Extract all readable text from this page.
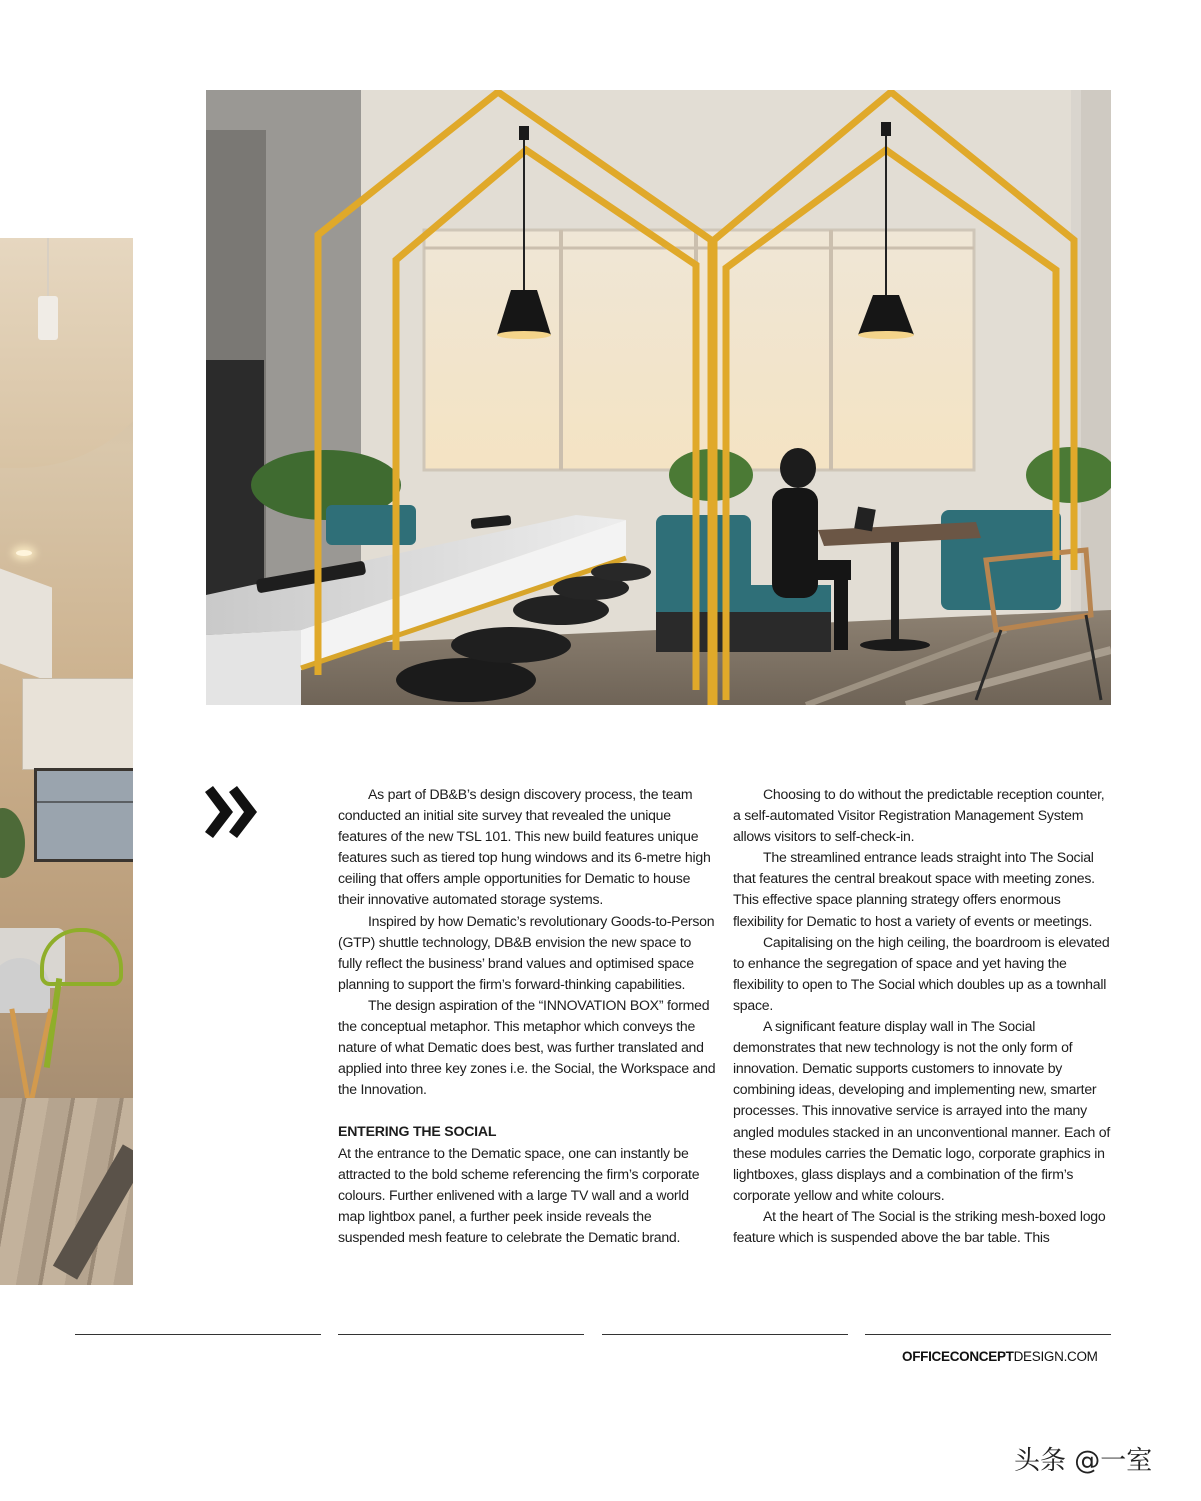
As part of DB&B’s design discovery process, the team conducted an initial site survey that revealed the unique features of the new TSL 101. This new build features unique features such as tiered top hung windows and its 6-metre high ceiling that offers ample opportunities for Dematic to house their innovative automated storage systems.

Inspired by how Dematic’s revolutionary Goods-to-Person (GTP) shuttle technology, DB&B envision the new space to fully reflect the business’ brand values and optimised space planning to support the firm’s forward-thinking capabilities.

The design aspiration of the “INNOVATION BOX” formed the conceptual metaphor. This metaphor which conveys the nature of what Dematic does best, was further translated and applied into three key zones i.e. the Social, the Workspace and the Innovation.

ENTERING THE SOCIAL

At the entrance to the Dematic space, one can instantly be attracted to the bold scheme referencing the firm’s corporate colours. Further enlivened with a large TV wall and a world map lightbox panel, a further peek inside reveals the suspended mesh feature to celebrate the Dematic brand.

Choosing to do without the predictable reception counter, a self-automated Visitor Registration Management System allows visitors to self-check-in.

The streamlined entrance leads straight into The Social that features the central breakout space with meeting zones. This effective space planning strategy offers enormous flexibility for Dematic to host a variety of events or meetings.

Capitalising on the high ceiling, the boardroom is elevated to enhance the segregation of space and yet having the flexibility to open to The Social which doubles up as a townhall space.

A significant feature display wall in The Social demonstrates that new technology is not the only form of innovation. Dematic supports customers to innovate by combining ideas, developing and implementing new, smarter processes. This innovative service is arrayed into the many angled modules stacked in an unconventional manner. Each of these modules carries the Dematic logo, corporate graphics in lightboxes, glass displays and a combination of the firm’s corporate yellow and white colours.

At the heart of The Social is the striking mesh-boxed logo feature which is suspended above the bar table. This

OFFICECONCEPTDESIGN.COM
头条 @一室
